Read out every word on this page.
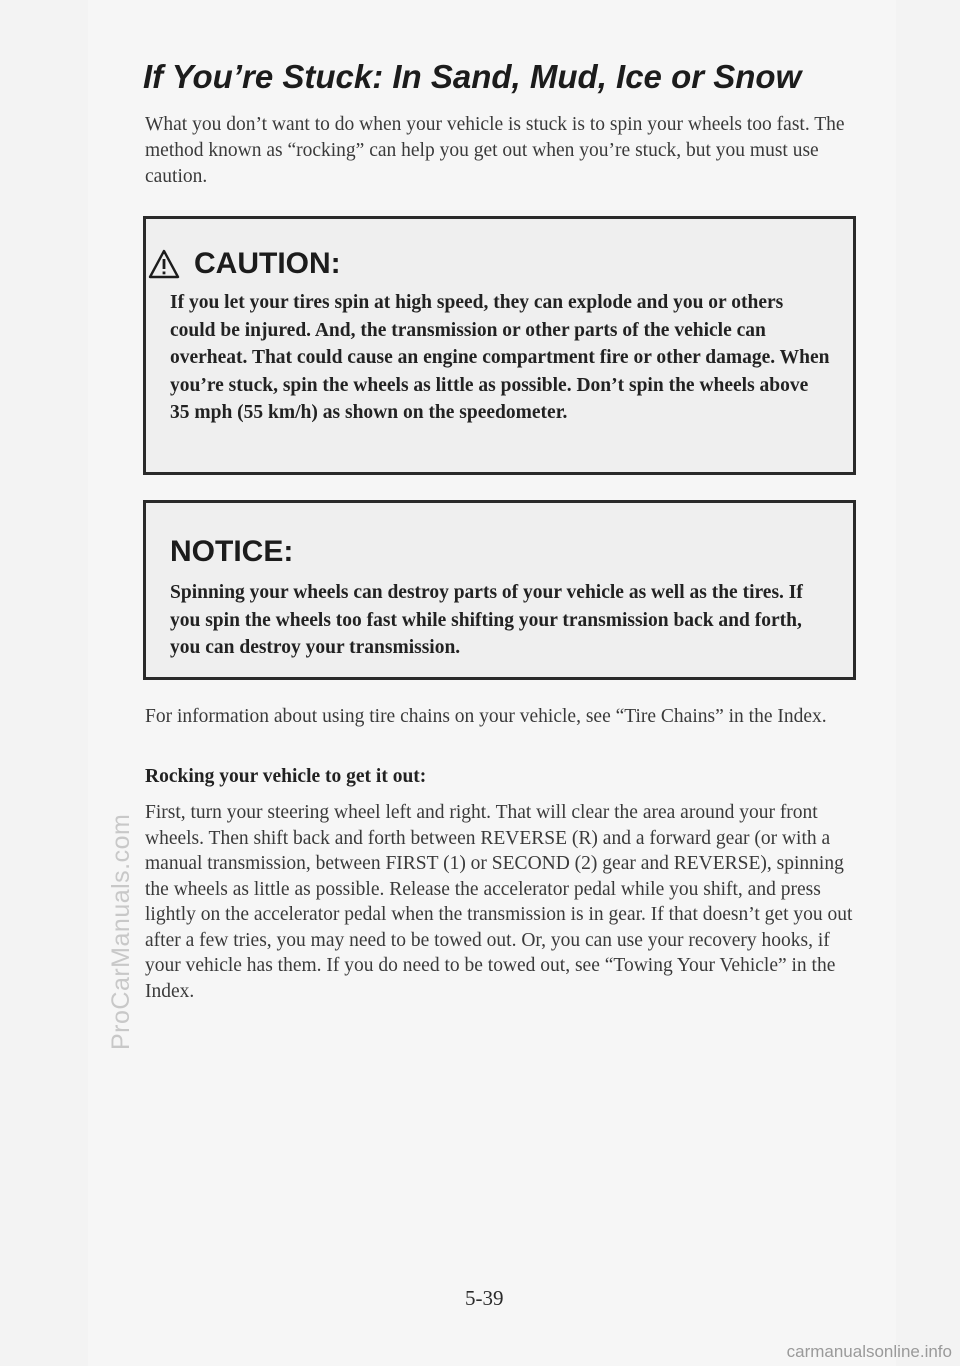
ProCarManuals.com
If You’re Stuck: In Sand, Mud, Ice or Snow

What you don’t want to do when your vehicle is stuck is to spin your wheels too fast. The method known as “rocking” can help you get out when you’re stuck, but you must use caution.

CAUTION:

If you let your tires spin at high speed, they can explode and you or others could be injured. And, the transmission or other parts of the vehicle can overheat. That could cause an engine compartment fire or other damage. When you’re stuck, spin the wheels as little as possible. Don’t spin the wheels above 35 mph (55 km/h) as shown on the speedometer.

NOTICE:

Spinning your wheels can destroy parts of your vehicle as well as the tires. If you spin the wheels too fast while shifting your transmission back and forth, you can destroy your transmission.

For information about using tire chains on your vehicle, see “Tire Chains” in the Index.

Rocking your vehicle to get it out:

First, turn your steering wheel left and right. That will clear the area around your front wheels. Then shift back and forth between REVERSE (R) and a forward gear (or with a manual transmission, between FIRST (1) or SECOND (2) gear and REVERSE), spinning the wheels as little as possible. Release the accelerator pedal while you shift, and press lightly on the accelerator pedal when the transmission is in gear. If that doesn’t get you out after a few tries, you may need to be towed out. Or, you can use your recovery hooks, if your vehicle has them. If you do need to be towed out, see “Towing Your Vehicle” in the Index.

5-39
carmanualsonline.info
